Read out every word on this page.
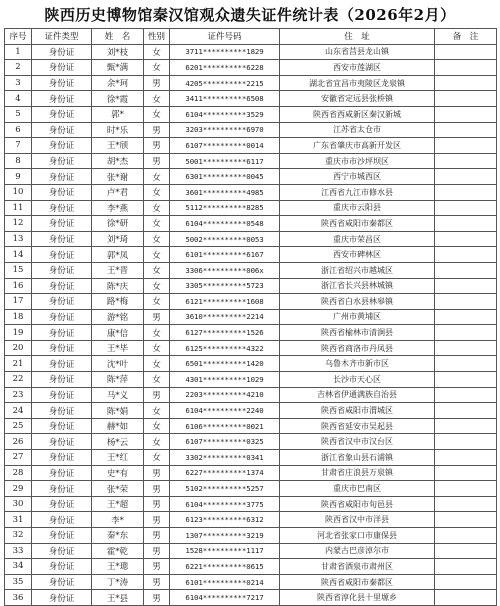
陕西历史博物馆秦汉馆观众遗失证件统计表（2026年2月）
序号	证件类型	姓　名	性别	证件号码	住　址	备　注
1	身份证	刘*枝	女	3711**********1829	山东省莒县龙山镇	
2	身份证	甄*满	女	6201**********6228	西安市莲湖区	
3	身份证	余*珂	男	4205**********2215	湖北省宜昌市夷陵区龙泉镇	
4	身份证	徐*霞	女	3411**********6508	安徽省定远县张桥镇	
5	身份证	郭*	女	6104**********3529	陕西省西咸新区秦汉新城	
6	身份证	时*乐	男	3203**********6970	江苏省太仓市	
7	身份证	王*颀	男	6107**********0014	广东省肇庆市高新开发区	
8	身份证	胡*杰	男	5001**********6117	重庆市市沙坪坝区	
9	身份证	张*谢	女	6301**********0045	西宁市城西区	
10	身份证	卢*君	女	3601**********4985	江西省九江市修水县	
11	身份证	李*燕	女	5112**********8285	重庆市云阳县	
12	身份证	徐*研	女	6104**********0548	陕西省咸阳市秦都区	
13	身份证	刘*琦	女	5002**********0053	重庆市荣昌区	
14	身份证	郭*凤	女	6101**********6167	西安市碑林区	
15	身份证	王*晋	女	3306**********006x	浙江省绍兴市越城区	
16	身份证	陈*庆	女	3305**********5723	浙江省长兴县林城镇	
17	身份证	路*梅	女	6121**********1608	陕西省白水县林皋镇	
18	身份证	游*铭	男	3610**********2214	广州市黄埔区	
19	身份证	康*信	女	6127**********1526	陕西省榆林市清涧县	
20	身份证	王*毕	女	6125**********4322	陕西省商洛市丹凤县	
21	身份证	沈*叶	女	6501**********1420	乌鲁木齐市新市区	
22	身份证	陈*萍	女	4301**********1029	长沙市天心区	
23	身份证	马*义	男	2203**********4210	吉林省伊通满族自治县	
24	身份证	陈*娟	女	6104**********2240	陕西省咸阳市渭城区	
25	身份证	赫*如	女	6106**********0021	陕西省延安市吴起县	
26	身份证	杨*云	女	6107**********0325	陕西省汉中市汉台区	
27	身份证	王*红	女	3302**********0341	浙江省象山县石浦镇	
28	身份证	史*有	男	6227**********1374	甘肃省庄浪县万泉镇	
29	身份证	张*荣	男	5102**********5257	重庆市巴南区	
30	身份证	王*超	男	6104**********3775	陕西省咸阳市旬邑县	
31	身份证	李*	男	6123**********6312	陕西省汉中市洋县	
32	身份证	秦*东	男	1307**********3219	河北省张家口市康保县	
33	身份证	霍*乾	男	1528**********1117	内蒙古巴彦淖尔市	
34	身份证	王*璁	男	6221**********0615	甘肃省酒泉市肃州区	
35	身份证	丁*涛	男	6101**********0214	陕西省咸阳市秦都区	
36	身份证	王*县	男	6104**********7217	陕西省淳化县十里塬乡	
